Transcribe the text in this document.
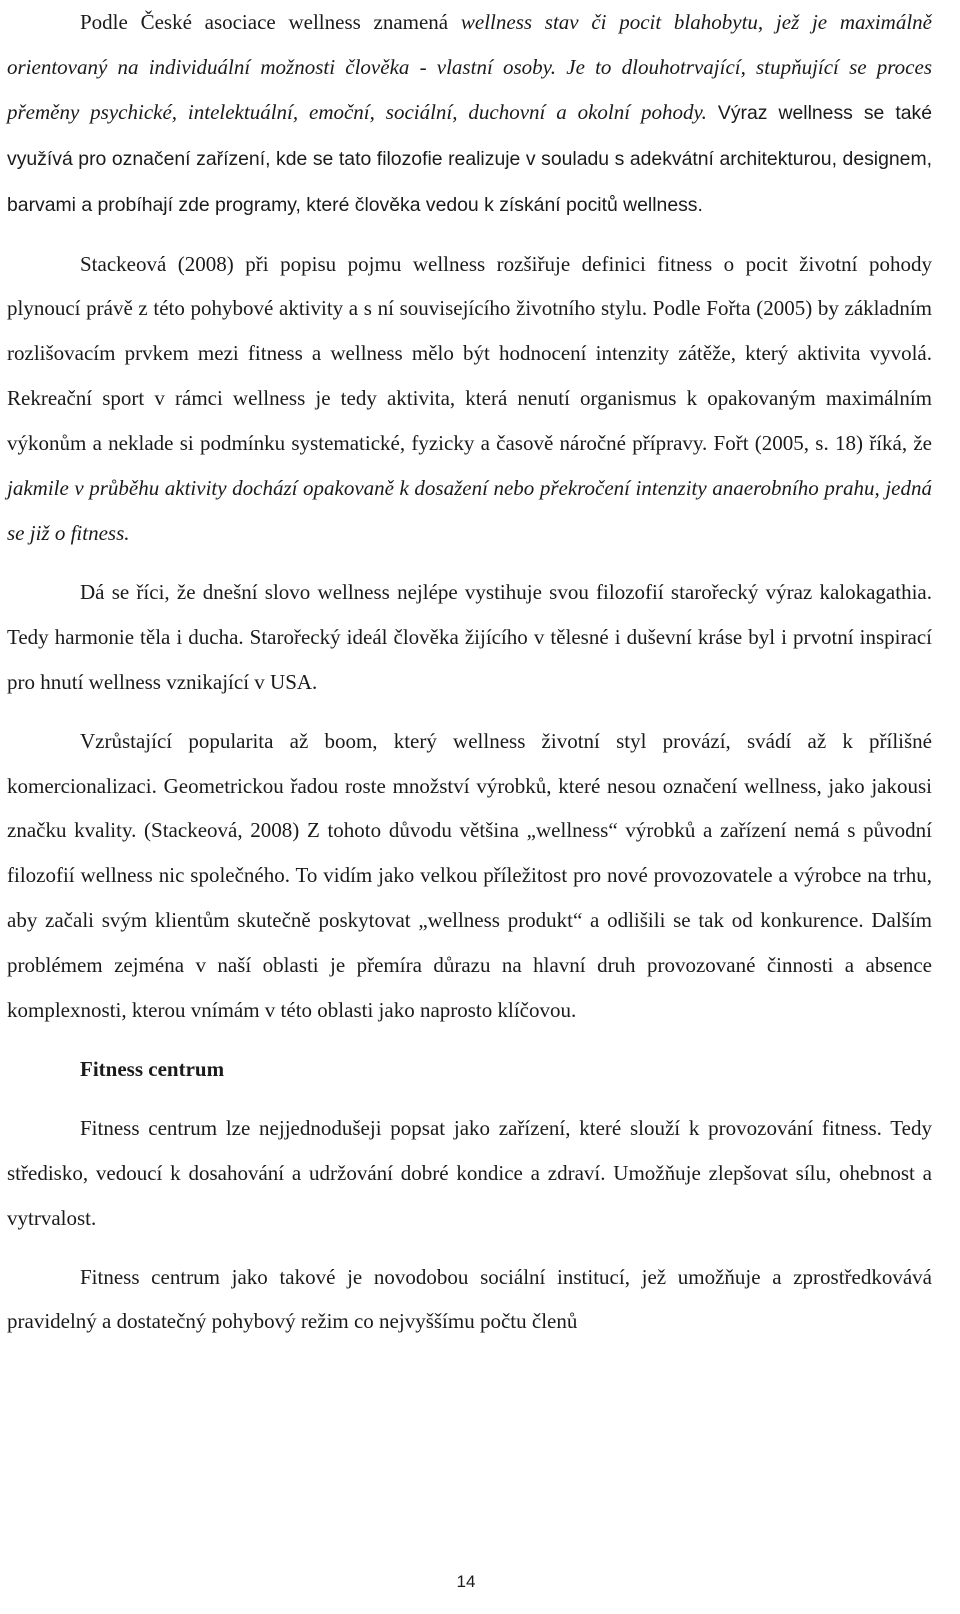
Podle České asociace wellness znamená wellness stav či pocit blahobytu, jež je maximálně orientovaný na individuální možnosti člověka - vlastní osoby. Je to dlouhotrvající, stupňující se proces přeměny psychické, intelektuální, emoční, sociální, duchovní a okolní pohody. Výraz wellness se také využívá pro označení zařízení, kde se tato filozofie realizuje v souladu s adekvátní architekturou, designem, barvami a probíhají zde programy, které člověka vedou k získání pocitů wellness.

Stackeová (2008) při popisu pojmu wellness rozšiřuje definici fitness o pocit životní pohody plynoucí právě z této pohybové aktivity a s ní souvisejícího životního stylu. Podle Fořta (2005) by základním rozlišovacím prvkem mezi fitness a wellness mělo být hodnocení intenzity zátěže, který aktivita vyvolá. Rekreační sport v rámci wellness je tedy aktivita, která nenutí organismus k opakovaným maximálním výkonům a neklade si podmínku systematické, fyzicky a časově náročné přípravy. Fořt (2005, s. 18) říká, že jakmile v průběhu aktivity dochází opakovaně k dosažení nebo překročení intenzity anaerobního prahu, jedná se již o fitness.

Dá se říci, že dnešní slovo wellness nejlépe vystihuje svou filozofií starořecký výraz kalokagathia. Tedy harmonie těla i ducha. Starořecký ideál člověka žijícího v tělesné i duševní kráse byl i prvotní inspirací pro hnutí wellness vznikající v USA.

Vzrůstající popularita až boom, který wellness životní styl provází, svádí až k přílišné komercionalizaci. Geometrickou řadou roste množství výrobků, které nesou označení wellness, jako jakousi značku kvality. (Stackeová, 2008) Z tohoto důvodu většina „wellness“ výrobků a zařízení nemá s původní filozofií wellness nic společného. To vidím jako velkou příležitost pro nové provozovatele a výrobce na trhu, aby začali svým klientům skutečně poskytovat „wellness produkt“ a odlišili se tak od konkurence. Dalším problémem zejména v naší oblasti je přemíra důrazu na hlavní druh provozované činnosti a absence komplexnosti, kterou vnímám v této oblasti jako naprosto klíčovou.

Fitness centrum

Fitness centrum lze nejjednodušeji popsat jako zařízení, které slouží k provozování fitness. Tedy středisko, vedoucí k dosahování a udržování dobré kondice a zdraví. Umožňuje zlepšovat sílu, ohebnost a vytrvalost.

Fitness centrum jako takové je novodobou sociální institucí, jež umožňuje a zprostředkovává pravidelný a dostatečný pohybový režim co nejvyššímu počtu členů

14
